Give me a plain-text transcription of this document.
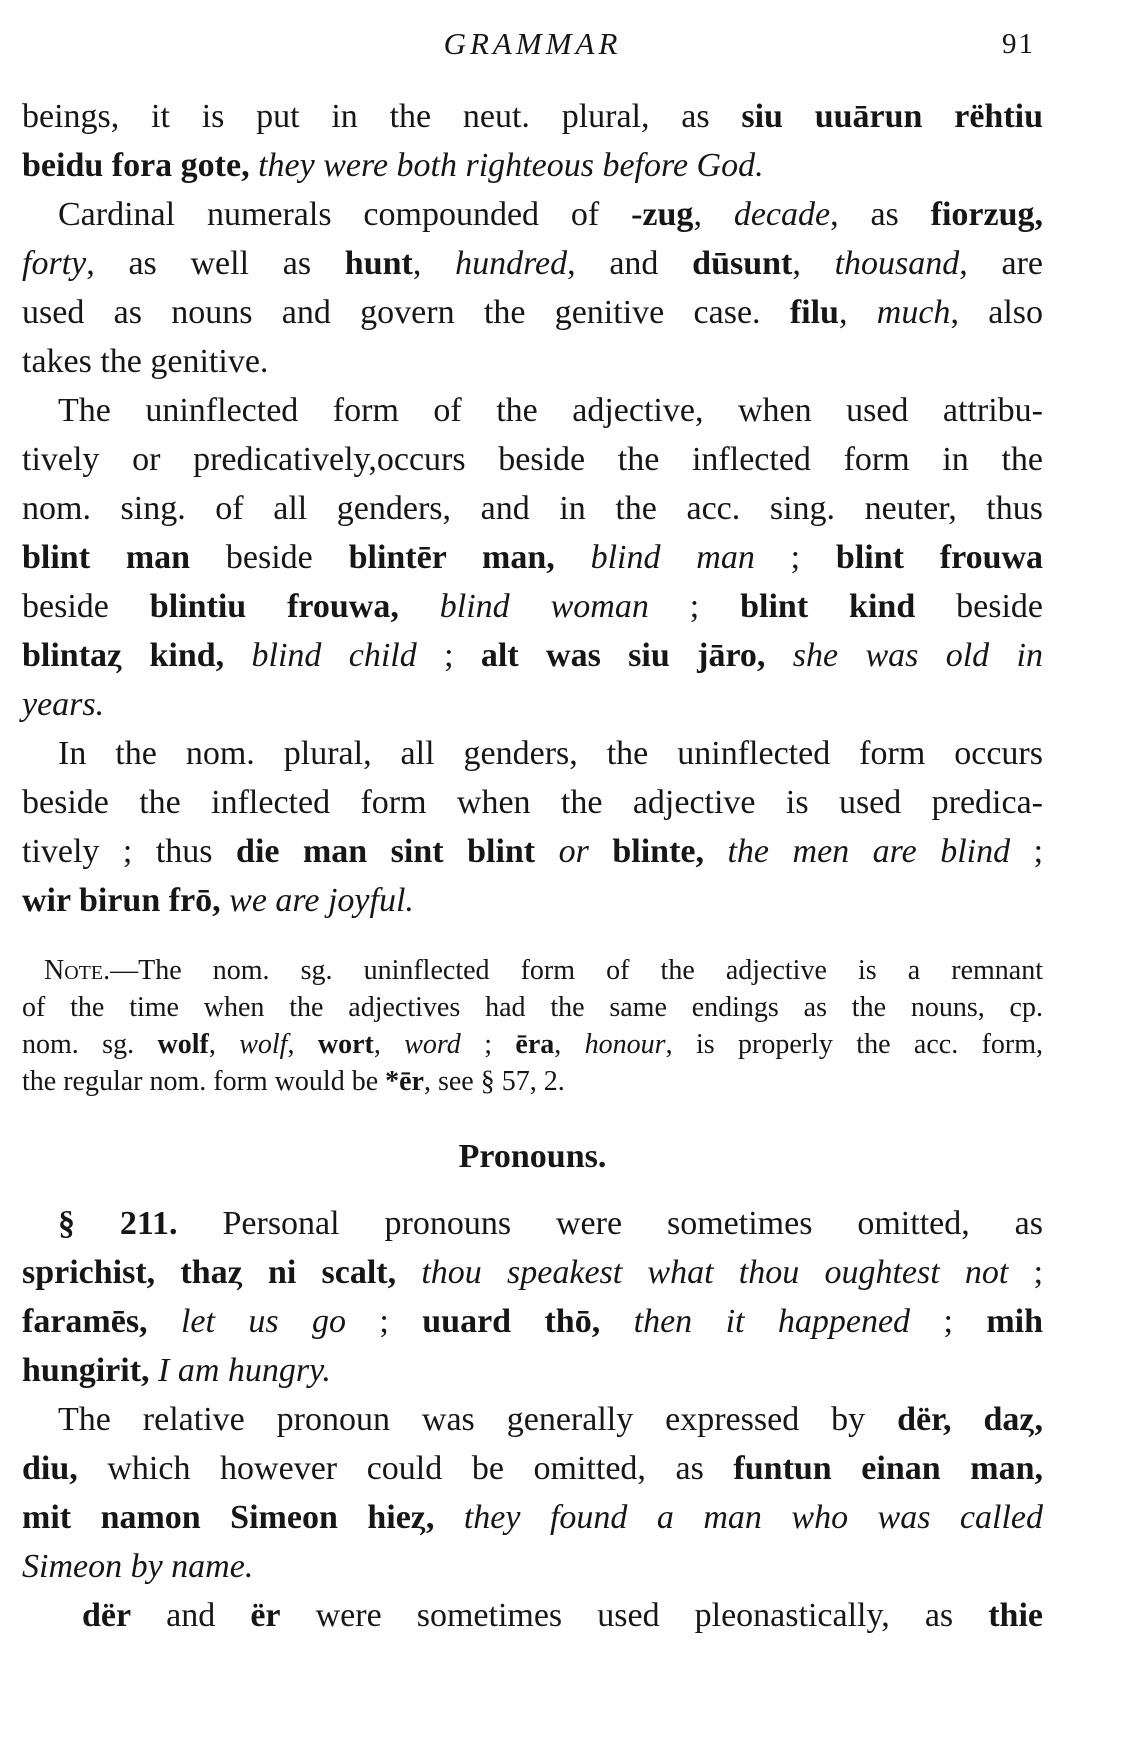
GRAMMAR	91
beings, it is put in the neut. plural, as siu uuārun rëhtiu
beidu fora gote, they were both righteous before God.
Cardinal numerals compounded of -zug, decade, as fiorzug,
forty, as well as hunt, hundred, and dūsunt, thousand, are
used as nouns and govern the genitive case. filu, much, also
takes the genitive.
The uninflected form of the adjective, when used attribu-
tively or predicatively,occurs beside the inflected form in the
nom. sing. of all genders, and in the acc. sing. neuter, thus
blint man beside blintēr man, blind man ; blint frouwa
beside blintiu frouwa, blind woman ; blint kind beside
blintaȥ kind, blind child ; alt was siu jāro, she was old in
years.
In the nom. plural, all genders, the uninflected form occurs
beside the inflected form when the adjective is used predica-
tively ; thus die man sint blint or blinte, the men are blind ;
wir birun frō, we are joyful.
Note.—The nom. sg. uninflected form of the adjective is a remnant
of the time when the adjectives had the same endings as the nouns, cp.
nom. sg. wolf, wolf, wort, word ; ēra, honour, is properly the acc. form,
the regular nom. form would be *ēr, see § 57, 2.
Pronouns.
§ 211. Personal pronouns were sometimes omitted, as
sprichist, thaȥ ni scalt, thou speakest what thou oughtest not ;
faramēs, let us go ; uuard thō, then it happened ; mih
hungirit, I am hungry.
The relative pronoun was generally expressed by dër, daȥ,
diu, which however could be omitted, as funtun einan man,
mit namon Simeon hieȥ, they found a man who was called
Simeon by name.
dër and ër were sometimes used pleonastically, as thie
